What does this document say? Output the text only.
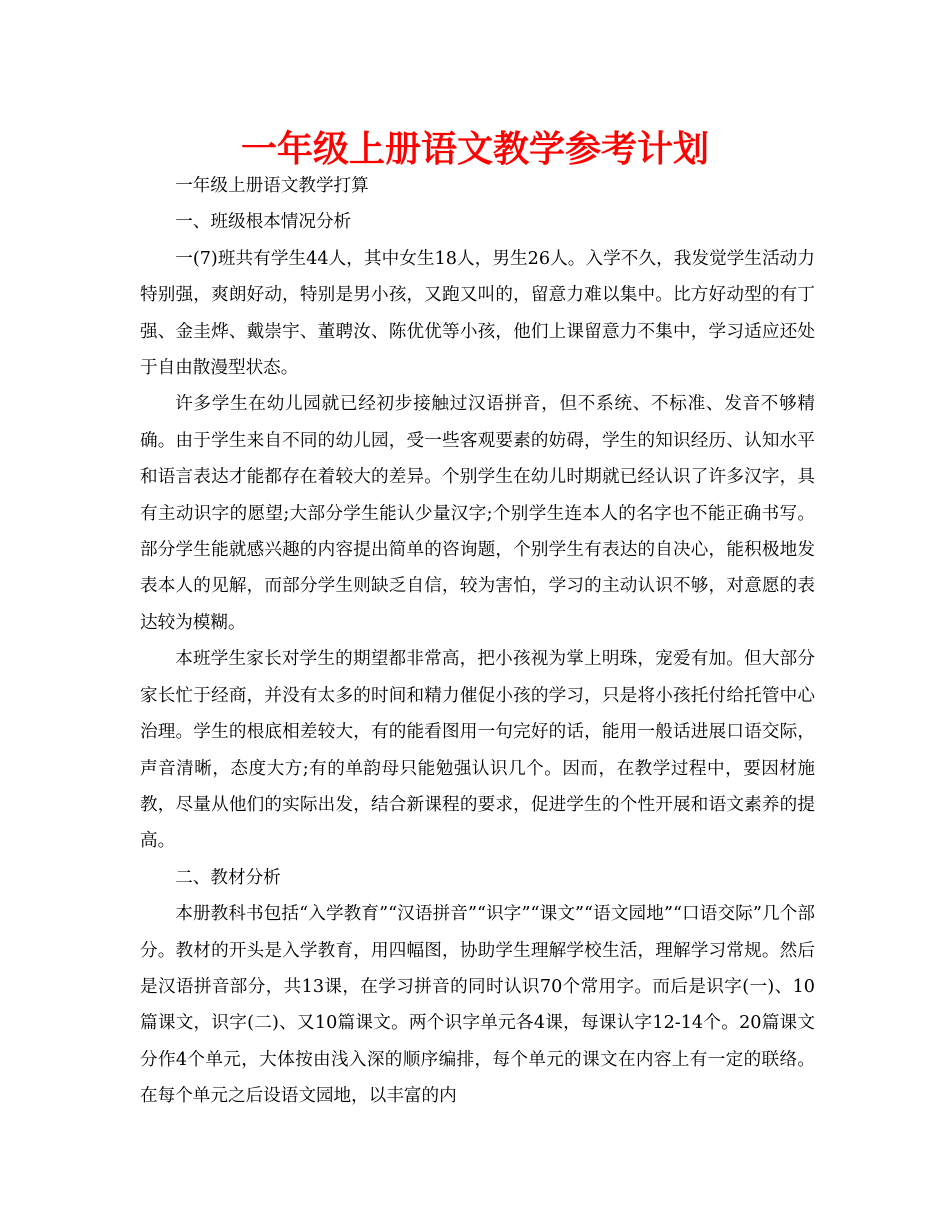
一年级上册语文教学参考计划

一年级上册语文教学打算

一、班级根本情况分析

一(7)班共有学生44人，其中女生18人，男生26人。入学不久，我发觉学生活动力特别强，爽朗好动，特别是男小孩，又跑又叫的，留意力难以集中。比方好动型的有丁强、金圭烨、戴崇宇、董聘汝、陈优优等小孩，他们上课留意力不集中，学习适应还处于自由散漫型状态。

许多学生在幼儿园就已经初步接触过汉语拼音，但不系统、不标准、发音不够精确。由于学生来自不同的幼儿园，受一些客观要素的妨碍，学生的知识经历、认知水平和语言表达才能都存在着较大的差异。个别学生在幼儿时期就已经认识了许多汉字，具有主动识字的愿望;大部分学生能认少量汉字;个别学生连本人的名字也不能正确书写。部分学生能就感兴趣的内容提出简单的咨询题，个别学生有表达的自决心，能积极地发表本人的见解，而部分学生则缺乏自信，较为害怕，学习的主动认识不够，对意愿的表达较为模糊。

本班学生家长对学生的期望都非常高，把小孩视为掌上明珠，宠爱有加。但大部分家长忙于经商，并没有太多的时间和精力催促小孩的学习，只是将小孩托付给托管中心治理。学生的根底相差较大，有的能看图用一句完好的话，能用一般话进展口语交际，声音清晰，态度大方;有的单韵母只能勉强认识几个。因而，在教学过程中，要因材施教，尽量从他们的实际出发，结合新课程的要求，促进学生的个性开展和语文素养的提高。

二、教材分析

本册教科书包括“入学教育”“汉语拼音”“识字”“课文”“语文园地”“口语交际”几个部分。教材的开头是入学教育，用四幅图，协助学生理解学校生活，理解学习常规。然后是汉语拼音部分，共13课，在学习拼音的同时认识70个常用字。而后是识字(一)、10篇课文，识字(二)、又10篇课文。两个识字单元各4课，每课认字12-14个。20篇课文分作4个单元，大体按由浅入深的顺序编排，每个单元的课文在内容上有一定的联络。在每个单元之后设语文园地，以丰富的内
